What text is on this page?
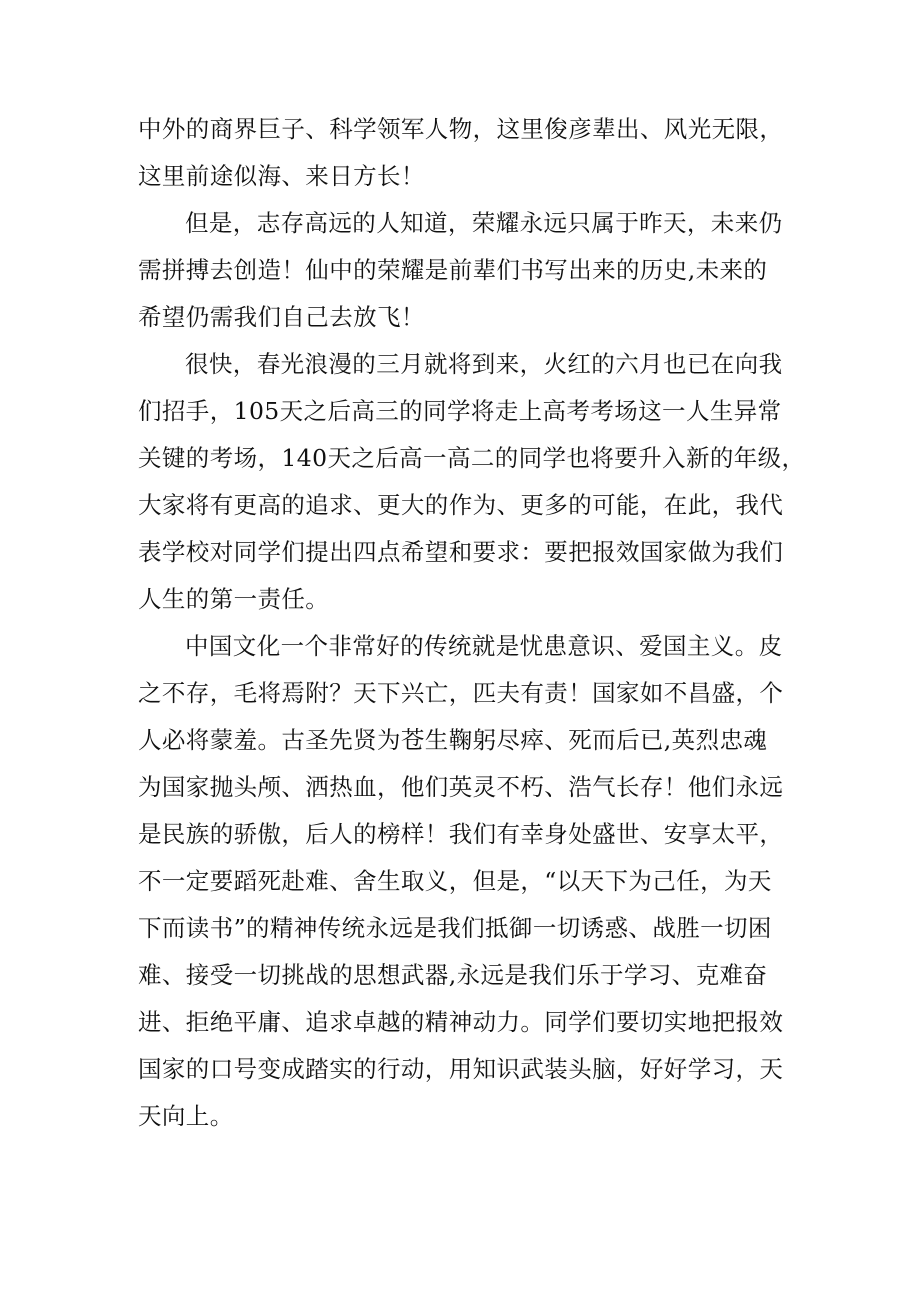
中外的商界巨子、科学领军人物，这里俊彦辈出、风光无限，
这里前途似海、来日方长！
但是，志存高远的人知道，荣耀永远只属于昨天，未来仍
需拼搏去创造！仙中的荣耀是前辈们书写出来的历史,未来的
希望仍需我们自己去放飞！
很快，春光浪漫的三月就将到来，火红的六月也已在向我
们招手，105天之后高三的同学将走上高考考场这一人生异常
关键的考场，140天之后高一高二的同学也将要升入新的年级，
大家将有更高的追求、更大的作为、更多的可能，在此，我代
表学校对同学们提出四点希望和要求：要把报效国家做为我们
人生的第一责任。
中国文化一个非常好的传统就是忧患意识、爱国主义。皮
之不存，毛将焉附？天下兴亡，匹夫有责！国家如不昌盛，个
人必将蒙羞。古圣先贤为苍生鞠躬尽瘁、死而后已,英烈忠魂
为国家抛头颅、洒热血，他们英灵不朽、浩气长存！他们永远
是民族的骄傲，后人的榜样！我们有幸身处盛世、安享太平，
不一定要蹈死赴难、舍生取义，但是，“以天下为己任，为天
下而读书”的精神传统永远是我们抵御一切诱惑、战胜一切困
难、接受一切挑战的思想武器,永远是我们乐于学习、克难奋
进、拒绝平庸、追求卓越的精神动力。同学们要切实地把报效
国家的口号变成踏实的行动，用知识武装头脑，好好学习，天
天向上。
